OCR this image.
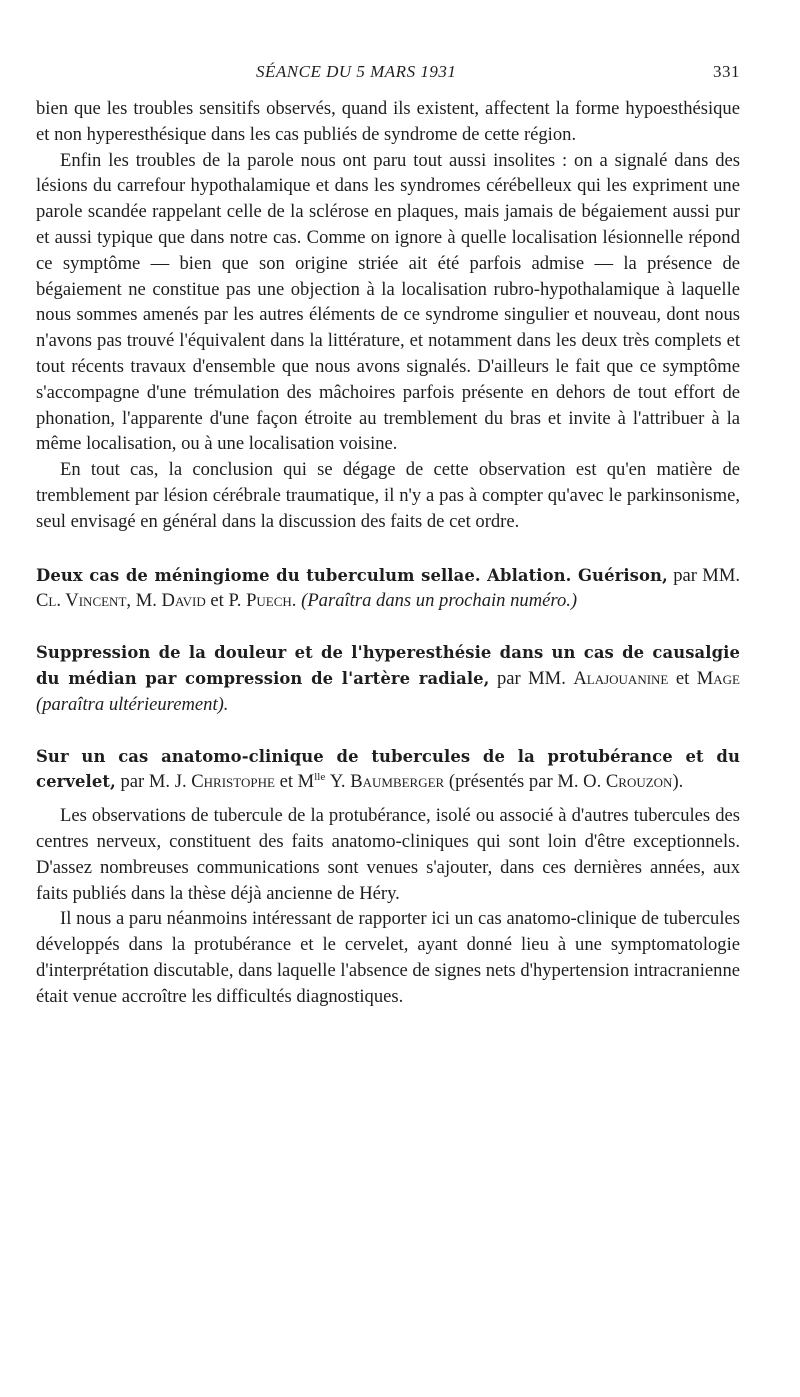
SÉANCE DU 5 MARS 1931	331

bien que les troubles sensitifs observés, quand ils existent, affectent la forme hypoesthésique et non hyperesthésique dans les cas publiés de syndrome de cette région.

Enfin les troubles de la parole nous ont paru tout aussi insolites : on a signalé dans des lésions du carrefour hypothalamique et dans les syndromes cérébelleux qui les expriment une parole scandée rappelant celle de la sclérose en plaques, mais jamais de bégaiement aussi pur et aussi typique que dans notre cas. Comme on ignore à quelle localisation lésionnelle répond ce symptôme — bien que son origine striée ait été parfois admise — la présence de bégaiement ne constitue pas une objection à la localisation rubro-hypothalamique à laquelle nous sommes amenés par les autres éléments de ce syndrome singulier et nouveau, dont nous n'avons pas trouvé l'équivalent dans la littérature, et notamment dans les deux très complets et tout récents travaux d'ensemble que nous avons signalés. D'ailleurs le fait que ce symptôme s'accompagne d'une trémulation des mâchoires parfois présente en dehors de tout effort de phonation, l'apparente d'une façon étroite au tremblement du bras et invite à l'attribuer à la même localisation, ou à une localisation voisine.

En tout cas, la conclusion qui se dégage de cette observation est qu'en matière de tremblement par lésion cérébrale traumatique, il n'y a pas à compter qu'avec le parkinsonisme, seul envisagé en général dans la discussion des faits de cet ordre.

Deux cas de méningiome du tuberculum sellae. Ablation. Guérison, par MM. Cl. Vincent, M. David et P. Puech. (Paraîtra dans un prochain numéro.)

Suppression de la douleur et de l'hyperesthésie dans un cas de causalgie du médian par compression de l'artère radiale, par MM. Alajouanine et Mage (paraîtra ultérieurement).

Sur un cas anatomo-clinique de tubercules de la protubérance et du cervelet, par M. J. Christophe et $M^{lle}$ Y. Baumberger (présentés par M. O. Crouzon).

Les observations de tubercule de la protubérance, isolé ou associé à d'autres tubercules des centres nerveux, constituent des faits anatomo-cliniques qui sont loin d'être exceptionnels. D'assez nombreuses communications sont venues s'ajouter, dans ces dernières années, aux faits publiés dans la thèse déjà ancienne de Héry.

Il nous a paru néanmoins intéressant de rapporter ici un cas anatomo-clinique de tubercules développés dans la protubérance et le cervelet, ayant donné lieu à une symptomatologie d'interprétation discutable, dans laquelle l'absence de signes nets d'hypertension intracranienne était venue accroître les difficultés diagnostiques.
